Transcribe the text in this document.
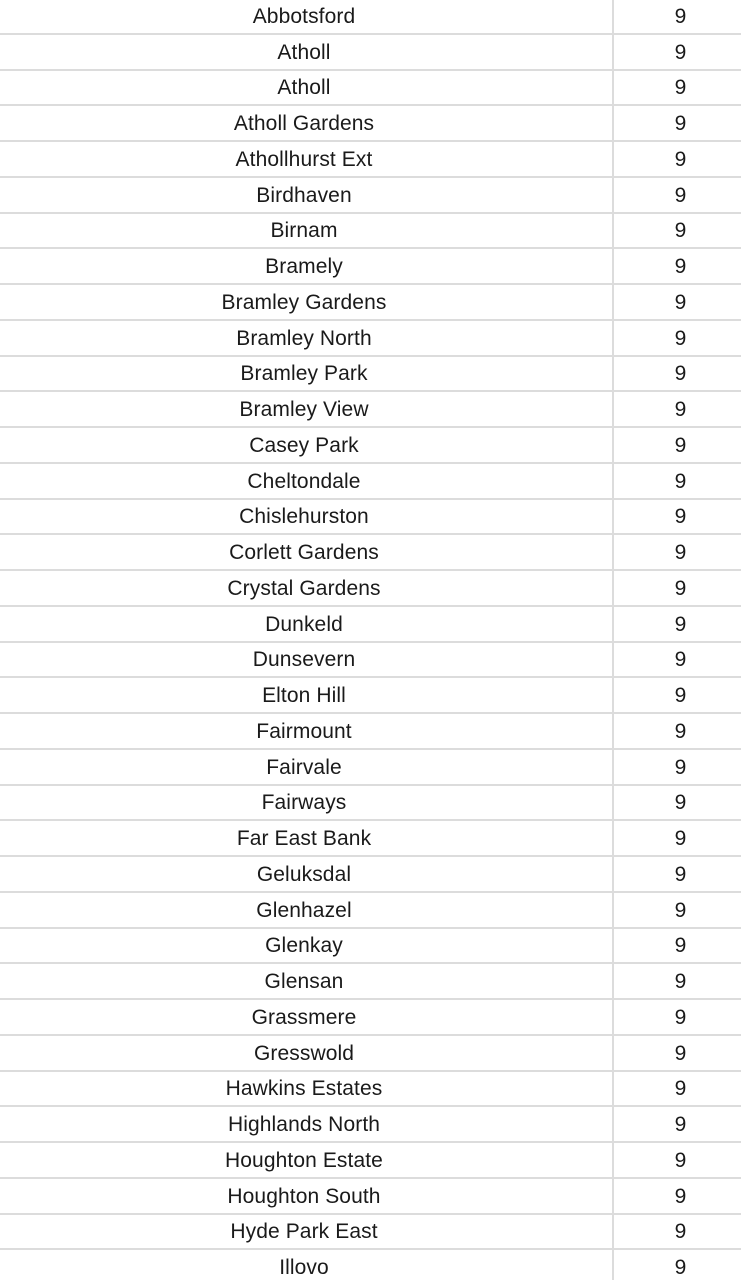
Abbotsford	9
Atholl	9
Atholl	9
Atholl Gardens	9
Athollhurst Ext	9
Birdhaven	9
Birnam	9
Bramely	9
Bramley Gardens	9
Bramley North	9
Bramley Park	9
Bramley View	9
Casey Park	9
Cheltondale	9
Chislehurston	9
Corlett Gardens	9
Crystal Gardens	9
Dunkeld	9
Dunsevern	9
Elton Hill	9
Fairmount	9
Fairvale	9
Fairways	9
Far East Bank	9
Geluksdal	9
Glenhazel	9
Glenkay	9
Glensan	9
Grassmere	9
Gresswold	9
Hawkins Estates	9
Highlands North	9
Houghton Estate	9
Houghton South	9
Hyde Park East	9
Illovo	9
